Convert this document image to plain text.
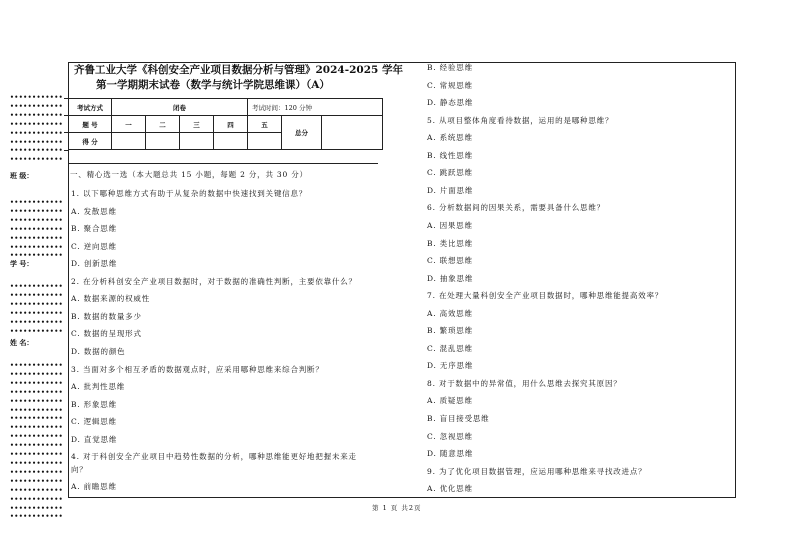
齐鲁工业大学《科创安全产业项目数据分析与管理》2024-2025 学年
第一学期期末试卷（数学与统计学院思维课）（A）
考试方式	闭卷				考试时间：120 分钟		
题 号	一	二	三	四	五	总分	
得 分							
一、精心选一选（本大题总共 15 小题，每题 2 分，共 30 分）
1. 以下哪种思维方式有助于从复杂的数据中快速找到关键信息？
A. 发散思维
B. 聚合思维
C. 逆向思维
D. 创新思维
2. 在分析科创安全产业项目数据时，对于数据的准确性判断，主要依靠什么？
A. 数据来源的权威性
B. 数据的数量多少
C. 数据的呈现形式
D. 数据的颜色
3. 当面对多个相互矛盾的数据观点时，应采用哪种思维来综合判断？
A. 批判性思维
B. 形象思维
C. 逻辑思维
D. 直觉思维
4. 对于科创安全产业项目中趋势性数据的分析，哪种思维能更好地把握未来走
向？
A. 前瞻思维
B. 经验思维
C. 常规思维
D. 静态思维
5. 从项目整体角度看待数据，运用的是哪种思维？
A. 系统思维
B. 线性思维
C. 跳跃思维
D. 片面思维
6. 分析数据间的因果关系，需要具备什么思维？
A. 因果思维
B. 类比思维
C. 联想思维
D. 抽象思维
7. 在处理大量科创安全产业项目数据时，哪种思维能提高效率？
A. 高效思维
B. 繁琐思维
C. 混乱思维
D. 无序思维
8. 对于数据中的异常值，用什么思维去探究其原因？
A. 质疑思维
B. 盲目接受思维
C. 忽视思维
D. 随意思维
9. 为了优化项目数据管理，应运用哪种思维来寻找改进点？
A. 优化思维
••••••••••••
••••••••••••
••••••••••••
••••••••••••
••••••••••••
••••••••••••
••••••••••••
••••••••••••
••••••••••••
••••••••••••
••••••••••••
••••••••••••
••••••••••••
••••••••••••
••••••••••••
••••••••••••
••••••••••••
••••••••••••
••••••••••••
••••••••••••
••••••••••••
••••••••••••
••••••••••••
••••••••••••
••••••••••••
••••••••••••
••••••••••••
••••••••••••
••••••••••••
••••••••••••
••••••••••••
••••••••••••
••••••••••••
••••••••••••
••••••••••••
••••••••••••
••••••••••••
••••••••••••
••••••••••••
班 级：
学 号：
姓 名：
第 1 页 共2页
